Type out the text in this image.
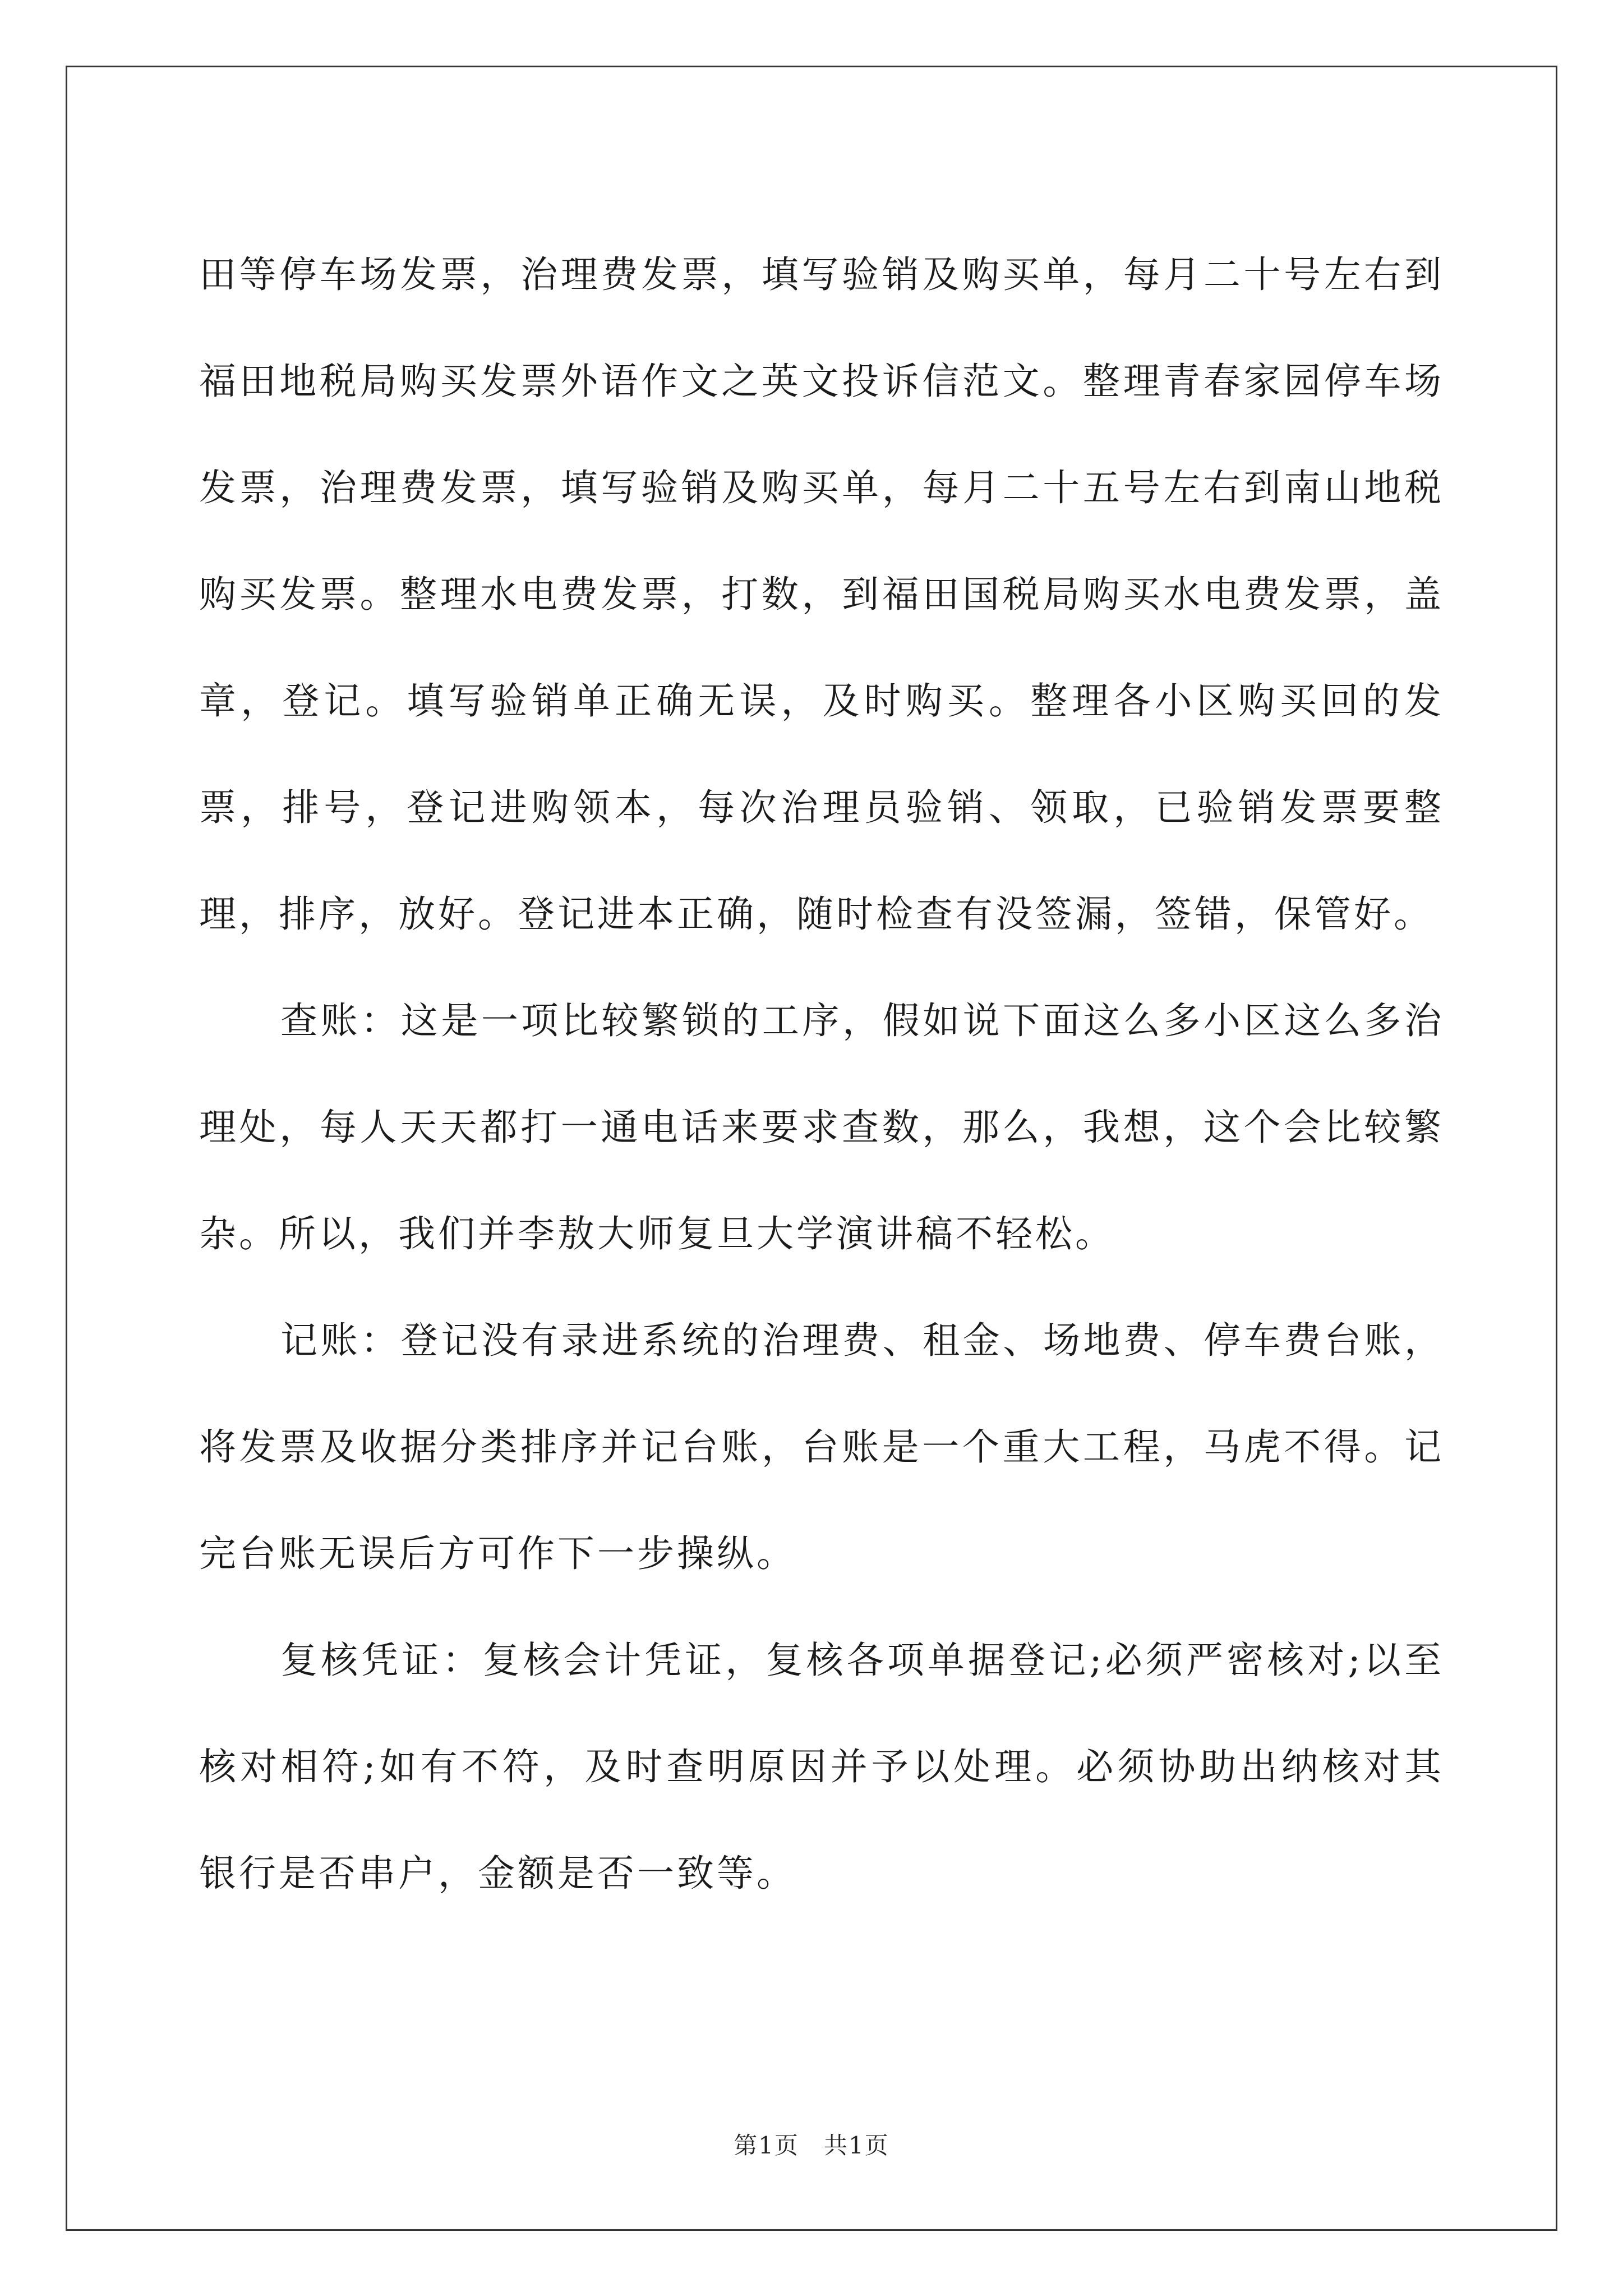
田等停车场发票，治理费发票，填写验销及购买单，每月二十号左右到福田地税局购买发票外语作文之英文投诉信范文。整理青春家园停车场发票，治理费发票，填写验销及购买单，每月二十五号左右到南山地税购买发票。整理水电费发票，打数，到福田国税局购买水电费发票，盖章，登记。填写验销单正确无误，及时购买。整理各小区购买回的发票，排号，登记进购领本，每次治理员验销、领取，已验销发票要整理，排序，放好。登记进本正确，随时检查有没签漏，签错，保管好。

查账：这是一项比较繁锁的工序，假如说下面这么多小区这么多治理处，每人天天都打一通电话来要求查数，那么，我想，这个会比较繁杂。所以，我们并李敖大师复旦大学演讲稿不轻松。

记账：登记没有录进系统的治理费、租金、场地费、停车费台账，将发票及收据分类排序并记台账，台账是一个重大工程，马虎不得。记完台账无误后方可作下一步操纵。

复核凭证：复核会计凭证，复核各项单据登记;必须严密核对;以至核对相符;如有不符，及时查明原因并予以处理。必须协助出纳核对其银行是否串户，金额是否一致等。

第1页　共1页
